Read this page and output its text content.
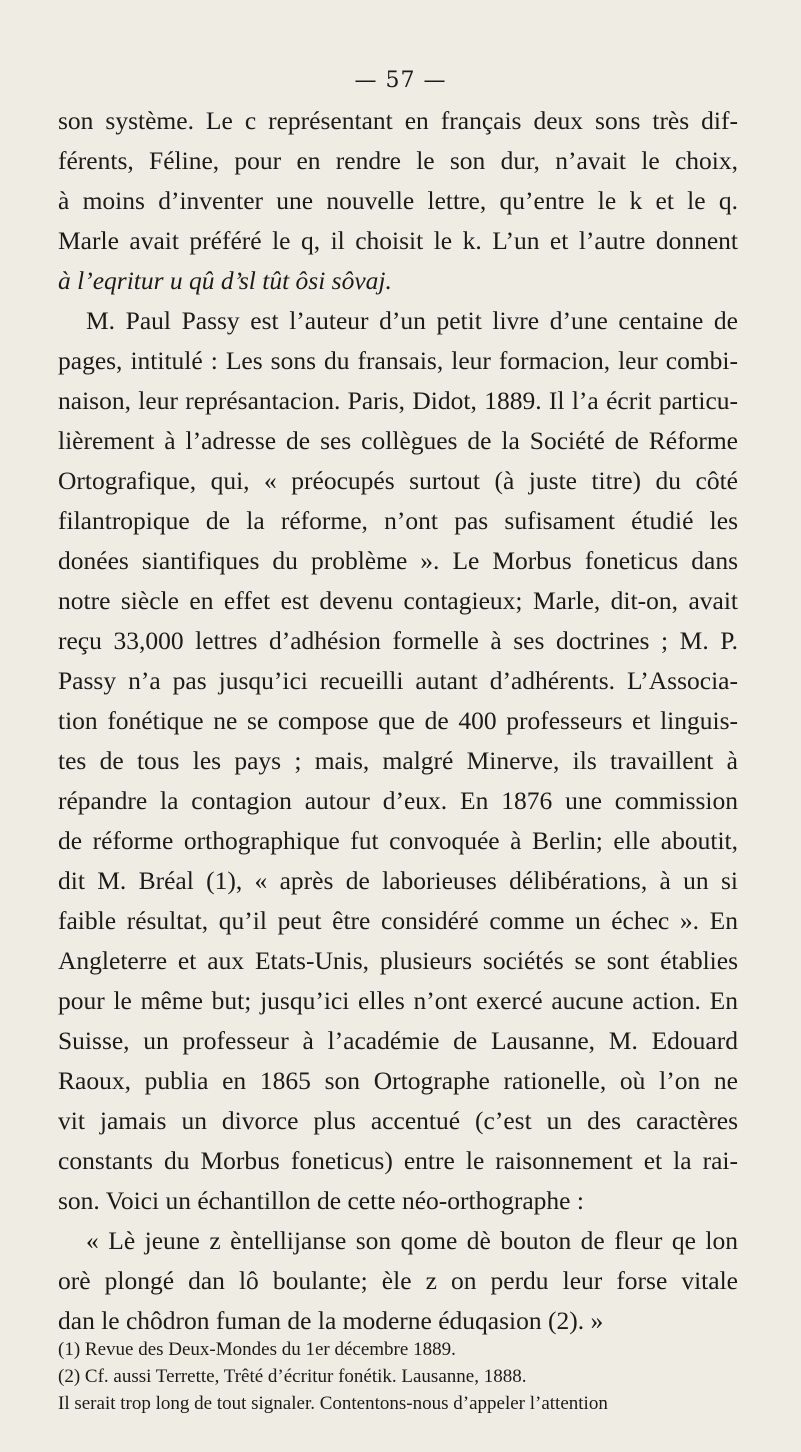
— 57 —
son système. Le c représentant en français deux sons très dif-
férents, Féline, pour en rendre le son dur, n’avait le choix,
à moins d’inventer une nouvelle lettre, qu’entre le k et le q.
Marle avait préféré le q, il choisit le k. L’un et l’autre donnent
à l’eqritur u qû d’sl tût ôsi sôvaj.
M. Paul Passy est l’auteur d’un petit livre d’une centaine de
pages, intitulé : Les sons du fransais, leur formacion, leur combi-
naison, leur représantacion. Paris, Didot, 1889. Il l’a écrit particu-
lièrement à l’adresse de ses collègues de la Société de Réforme
Ortografique, qui, « préocupés surtout (à juste titre) du côté
filantropique de la réforme, n’ont pas sufisament étudié les
donées siantifiques du problème ». Le Morbus foneticus dans
notre siècle en effet est devenu contagieux; Marle, dit-on, avait
reçu 33,000 lettres d’adhésion formelle à ses doctrines ; M. P.
Passy n’a pas jusqu’ici recueilli autant d’adhérents. L’Associa-
tion fonétique ne se compose que de 400 professeurs et linguis-
tes de tous les pays ; mais, malgré Minerve, ils travaillent à
répandre la contagion autour d’eux. En 1876 une commission
de réforme orthographique fut convoquée à Berlin; elle aboutit,
dit M. Bréal (1), « après de laborieuses délibérations, à un si
faible résultat, qu’il peut être considéré comme un échec ». En
Angleterre et aux Etats-Unis, plusieurs sociétés se sont établies
pour le même but; jusqu’ici elles n’ont exercé aucune action. En
Suisse, un professeur à l’académie de Lausanne, M. Edouard
Raoux, publia en 1865 son Ortographe rationelle, où l’on ne
vit jamais un divorce plus accentué (c’est un des caractères
constants du Morbus foneticus) entre le raisonnement et la rai-
son. Voici un échantillon de cette néo-orthographe :
« Lè jeune z èntellijanse son qome dè bouton de fleur qe lon
orè plongé dan lô boulante; èle z on perdu leur forse vitale
dan le chôdron fuman de la moderne éduqasion (2). »
(1) Revue des Deux-Mondes du 1er décembre 1889.
(2) Cf. aussi Terrette, Trêté d’écritur fonétik. Lausanne, 1888.
Il serait trop long de tout signaler. Contentons-nous d’appeler l’attention
